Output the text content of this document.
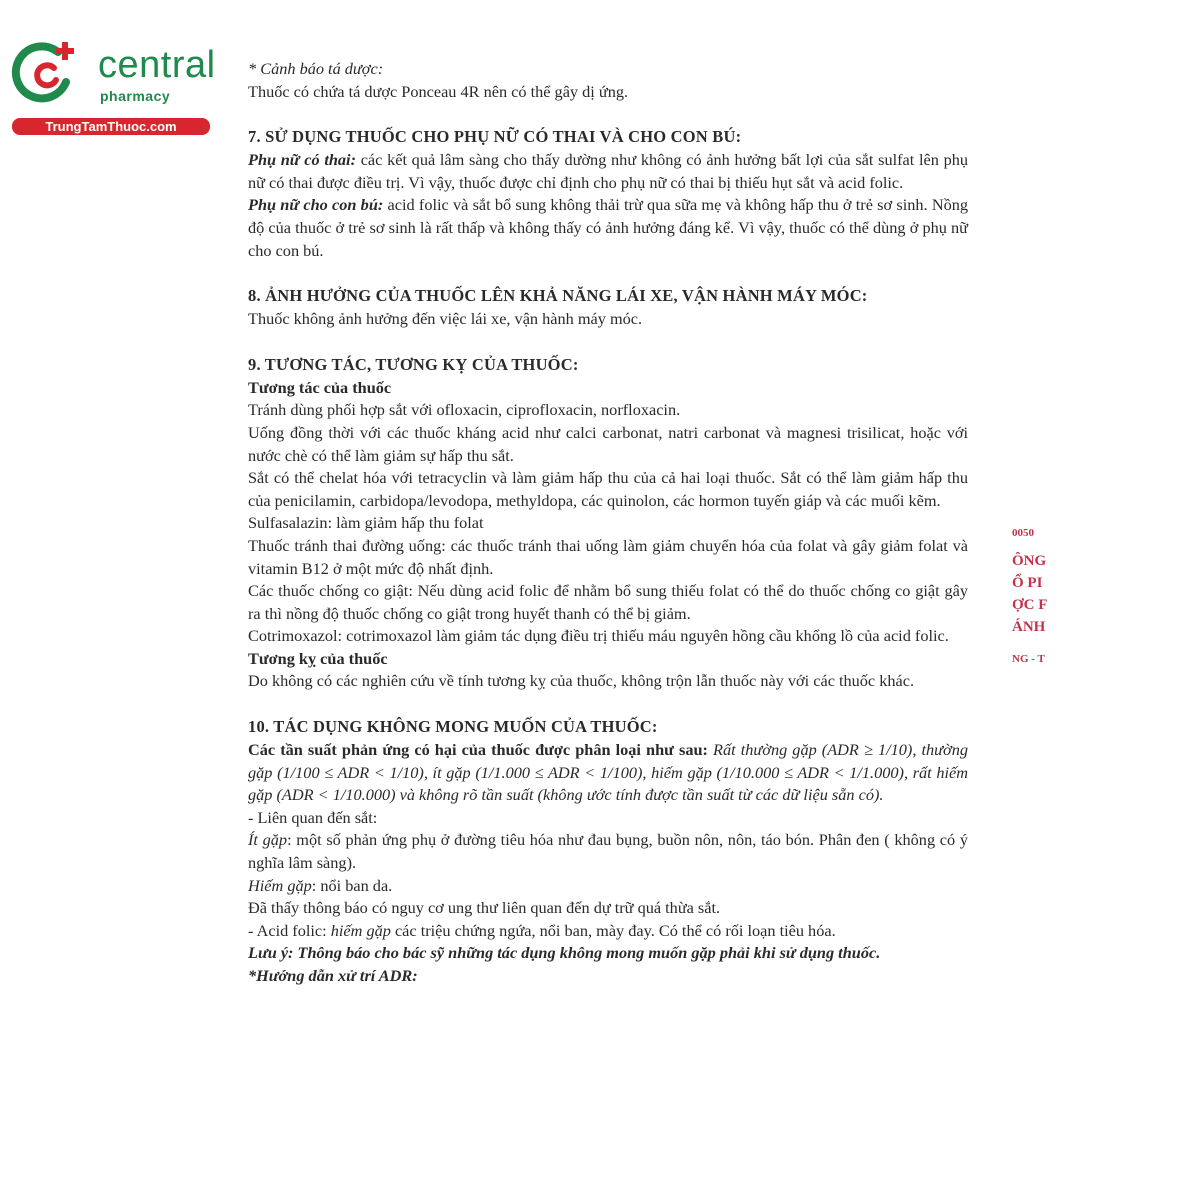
central
pharmacy
TrungTamThuoc.com
0050
ÔNG
Ổ PI
ỢC F
ÁNH
NG - T

* Cảnh báo tá dược:

Thuốc có chứa tá dược Ponceau 4R nên có thể gây dị ứng.

7. SỬ DỤNG THUỐC CHO PHỤ NỮ CÓ THAI VÀ CHO CON BÚ:

Phụ nữ có thai: các kết quả lâm sàng cho thấy dường như không có ảnh hưởng bất lợi của sắt sulfat lên phụ nữ có thai được điều trị. Vì vậy, thuốc được chỉ định cho phụ nữ có thai bị thiếu hụt sắt và acid folic.

Phụ nữ cho con bú: acid folic và sắt bổ sung không thải trừ qua sữa mẹ và không hấp thu ở trẻ sơ sinh. Nồng độ của thuốc ở trẻ sơ sinh là rất thấp và không thấy có ảnh hưởng đáng kể. Vì vậy, thuốc có thể dùng ở phụ nữ cho con bú.

8. ẢNH HƯỞNG CỦA THUỐC LÊN KHẢ NĂNG LÁI XE, VẬN HÀNH MÁY MÓC:

Thuốc không ảnh hưởng đến việc lái xe, vận hành máy móc.

9. TƯƠNG TÁC, TƯƠNG KỴ CỦA THUỐC:

Tương tác của thuốc

Tránh dùng phối hợp sắt với ofloxacin, ciprofloxacin, norfloxacin.

Uống đồng thời với các thuốc kháng acid như calci carbonat, natri carbonat và magnesi trisilicat, hoặc với nước chè có thể làm giảm sự hấp thu sắt.

Sắt có thể chelat hóa với tetracyclin và làm giảm hấp thu của cả hai loại thuốc. Sắt có thể làm giảm hấp thu của penicilamin, carbidopa/levodopa, methyldopa, các quinolon, các hormon tuyến giáp và các muối kẽm.

Sulfasalazin: làm giảm hấp thu folat

Thuốc tránh thai đường uống: các thuốc tránh thai uống làm giảm chuyển hóa của folat và gây giảm folat và vitamin B12 ở một mức độ nhất định.

Các thuốc chống co giật: Nếu dùng acid folic để nhằm bổ sung thiếu folat có thể do thuốc chống co giật gây ra thì nồng độ thuốc chống co giật trong huyết thanh có thể bị giảm.

Cotrimoxazol: cotrimoxazol làm giảm tác dụng điều trị thiếu máu nguyên hồng cầu khổng lồ của acid folic.

Tương kỵ của thuốc

Do không có các nghiên cứu về tính tương kỵ của thuốc, không trộn lẫn thuốc này với các thuốc khác.

10. TÁC DỤNG KHÔNG MONG MUỐN CỦA THUỐC:

Các tần suất phản ứng có hại của thuốc được phân loại như sau: Rất thường gặp (ADR ≥ 1/10), thường gặp (1/100 ≤ ADR < 1/10), ít gặp (1/1.000 ≤ ADR < 1/100), hiếm gặp (1/10.000 ≤ ADR < 1/1.000), rất hiếm gặp (ADR < 1/10.000) và không rõ tần suất (không ước tính được tần suất từ các dữ liệu sẵn có).

- Liên quan đến sắt:

Ít gặp: một số phản ứng phụ ở đường tiêu hóa như đau bụng, buồn nôn, nôn, táo bón. Phân đen ( không có ý nghĩa lâm sàng).

Hiếm gặp: nổi ban da.

Đã thấy thông báo có nguy cơ ung thư liên quan đến dự trữ quá thừa sắt.

- Acid folic: hiếm gặp các triệu chứng ngứa, nổi ban, mày đay. Có thể có rối loạn tiêu hóa.

Lưu ý: Thông báo cho bác sỹ những tác dụng không mong muốn gặp phải khi sử dụng thuốc.

*Hướng dẫn xử trí ADR:
